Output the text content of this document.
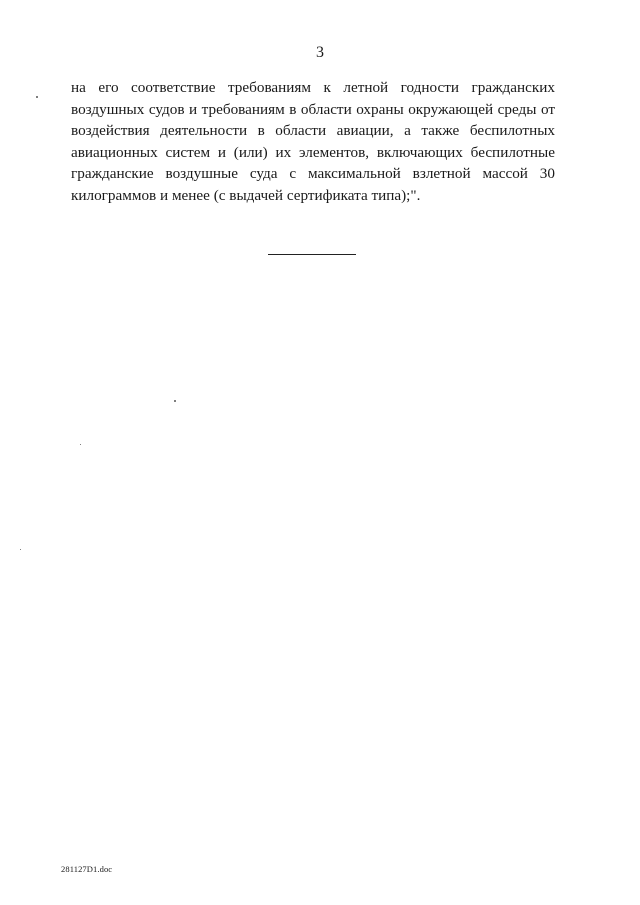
3

на его соответствие требованиям к летной годности гражданских воздушных судов и требованиям в области охраны окружающей среды от воздействия деятельности в области авиации, а также беспилотных авиационных систем и (или) их элементов, включающих беспилотные гражданские воздушные суда с максимальной взлетной массой 30 килограммов и менее (с выдачей сертификата типа);".

281127D1.doc
